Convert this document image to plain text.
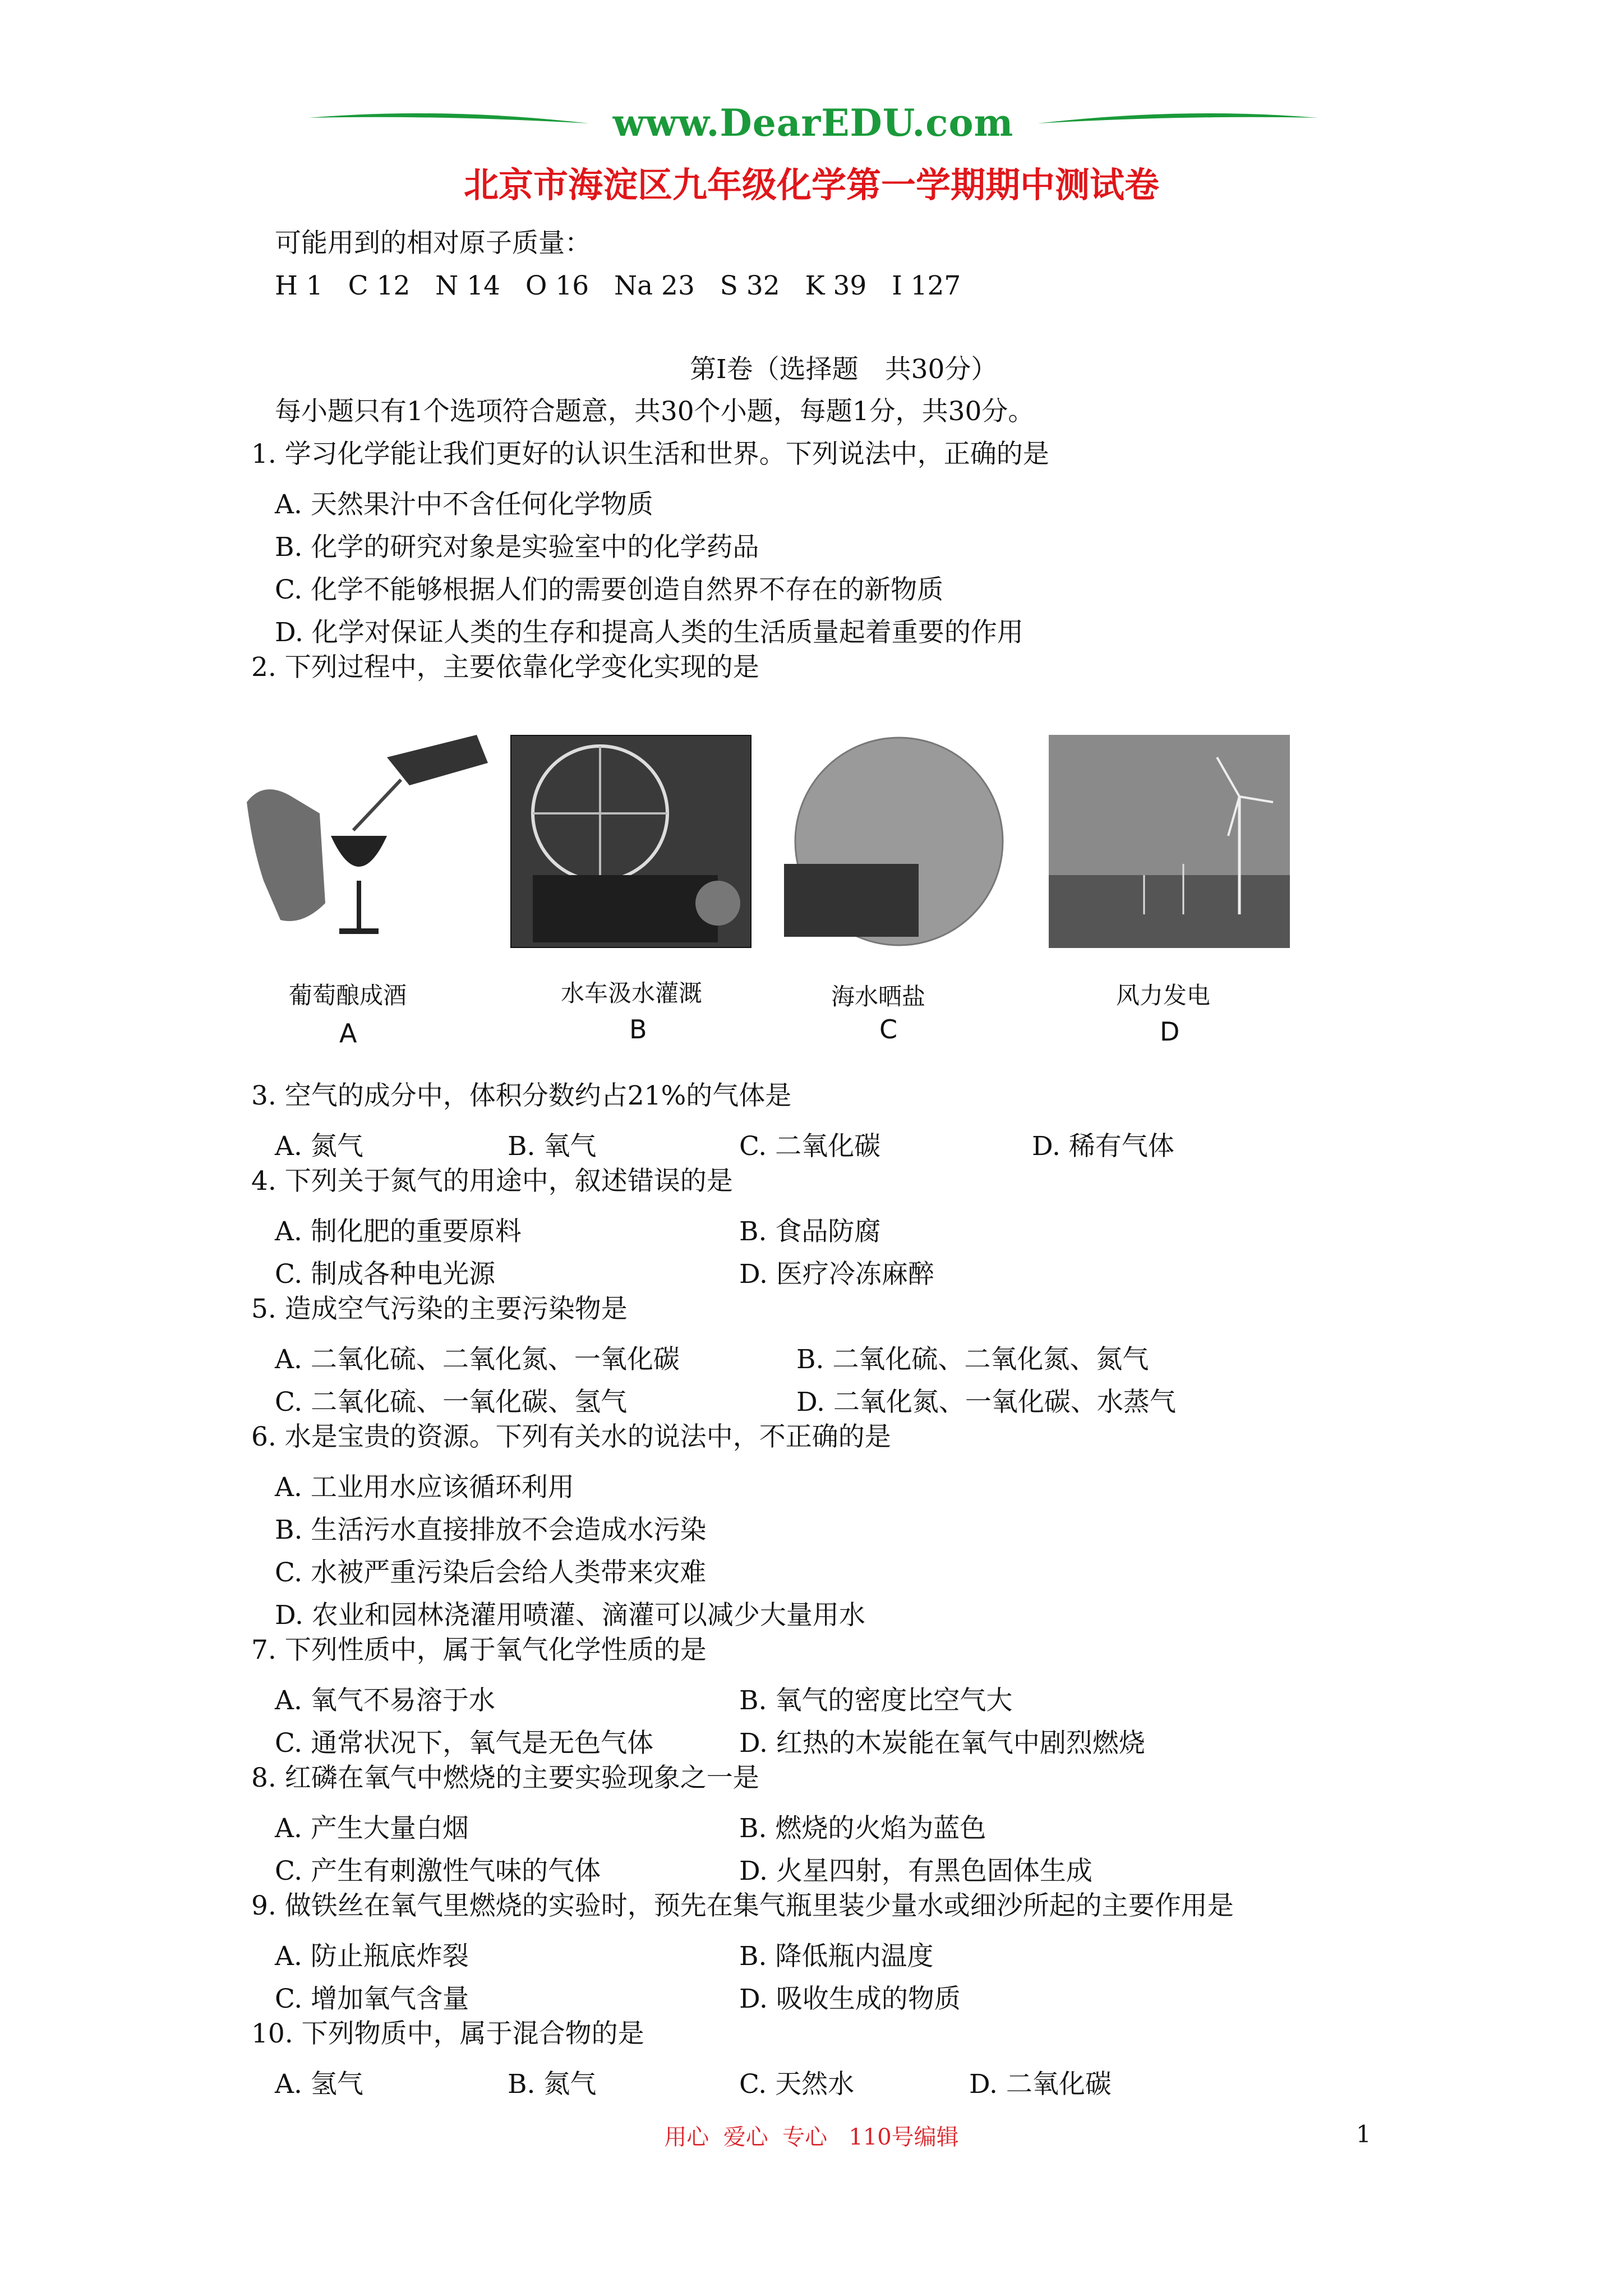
www.DearEDU.com
北京市海淀区九年级化学第一学期期中测试卷
可能用到的相对原子质量：
H 1   C 12   N 14   O 16   Na 23   S 32   K 39   I 127
第Ⅰ卷（选择题　共30分）
每小题只有1个选项符合题意，共30个小题，每题1分，共30分。
1. 学习化学能让我们更好的认识生活和世界。下列说法中，正确的是
A. 天然果汁中不含任何化学物质
B. 化学的研究对象是实验室中的化学药品
C. 化学不能够根据人们的需要创造自然界不存在的新物质
D. 化学对保证人类的生存和提高人类的生活质量起着重要的作用
2. 下列过程中，主要依靠化学变化实现的是
葡萄酿成酒
A
水车汲水灌溉
B
海水晒盐
C
风力发电
D
3. 空气的成分中，体积分数约占21%的气体是
A. 氮气	B. 氧气	C. 二氧化碳	D. 稀有气体
4. 下列关于氮气的用途中，叙述错误的是
A. 制化肥的重要原料	B. 食品防腐
C. 制成各种电光源	D. 医疗冷冻麻醉
5. 造成空气污染的主要污染物是
A. 二氧化硫、二氧化氮、一氧化碳	B. 二氧化硫、二氧化氮、氮气
C. 二氧化硫、一氧化碳、氢气	D. 二氧化氮、一氧化碳、水蒸气
6. 水是宝贵的资源。下列有关水的说法中，不正确的是
A. 工业用水应该循环利用
B. 生活污水直接排放不会造成水污染
C. 水被严重污染后会给人类带来灾难
D. 农业和园林浇灌用喷灌、滴灌可以减少大量用水
7. 下列性质中，属于氧气化学性质的是
A. 氧气不易溶于水	B. 氧气的密度比空气大
C. 通常状况下，氧气是无色气体	D. 红热的木炭能在氧气中剧烈燃烧
8. 红磷在氧气中燃烧的主要实验现象之一是
A. 产生大量白烟	B. 燃烧的火焰为蓝色
C. 产生有刺激性气味的气体	D. 火星四射，有黑色固体生成
9. 做铁丝在氧气里燃烧的实验时，预先在集气瓶里装少量水或细沙所起的主要作用是
A. 防止瓶底炸裂	B. 降低瓶内温度
C. 增加氧气含量	D. 吸收生成的物质
10. 下列物质中，属于混合物的是
A. 氢气	B. 氮气	C. 天然水	D. 二氧化碳
用心  爱心  专心   110号编辑	1
